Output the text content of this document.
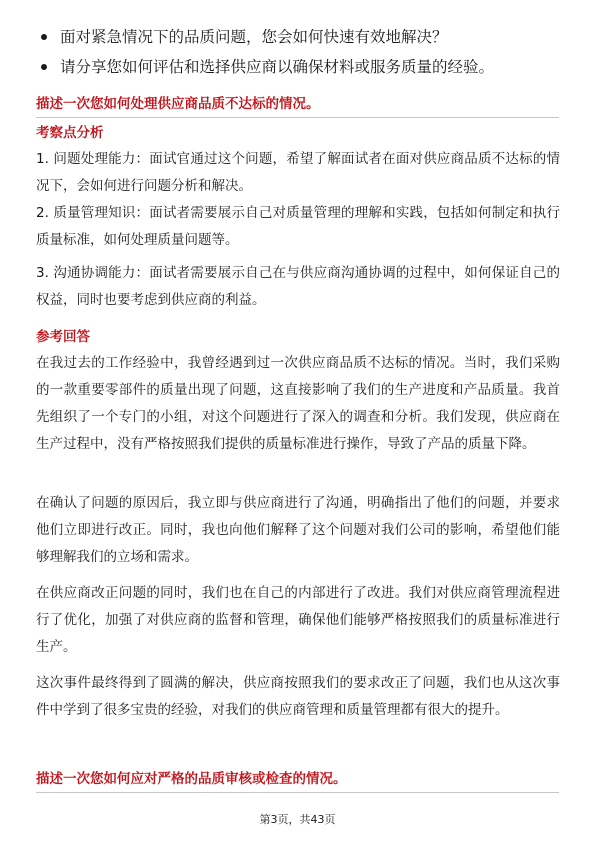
面对紧急情况下的品质问题，您会如何快速有效地解决？
请分享您如何评估和选择供应商以确保材料或服务质量的经验。
描述一次您如何处理供应商品质不达标的情况。
考察点分析
1. 问题处理能力：面试官通过这个问题，希望了解面试者在面对供应商品质不达标的情况下，会如何进行问题分析和解决。
2. 质量管理知识：面试者需要展示自己对质量管理的理解和实践，包括如何制定和执行质量标准，如何处理质量问题等。
3. 沟通协调能力：面试者需要展示自己在与供应商沟通协调的过程中，如何保证自己的权益，同时也要考虑到供应商的利益。
参考回答
在我过去的工作经验中，我曾经遇到过一次供应商品质不达标的情况。当时，我们采购的一款重要零部件的质量出现了问题，这直接影响了我们的生产进度和产品质量。我首先组织了一个专门的小组，对这个问题进行了深入的调查和分析。我们发现，供应商在生产过程中，没有严格按照我们提供的质量标准进行操作，导致了产品的质量下降。
在确认了问题的原因后，我立即与供应商进行了沟通，明确指出了他们的问题，并要求他们立即进行改正。同时，我也向他们解释了这个问题对我们公司的影响，希望他们能够理解我们的立场和需求。
在供应商改正问题的同时，我们也在自己的内部进行了改进。我们对供应商管理流程进行了优化，加强了对供应商的监督和管理，确保他们能够严格按照我们的质量标准进行生产。
这次事件最终得到了圆满的解决，供应商按照我们的要求改正了问题，我们也从这次事件中学到了很多宝贵的经验，对我们的供应商管理和质量管理都有很大的提升。
描述一次您如何应对严格的品质审核或检查的情况。
第3页，共43页
